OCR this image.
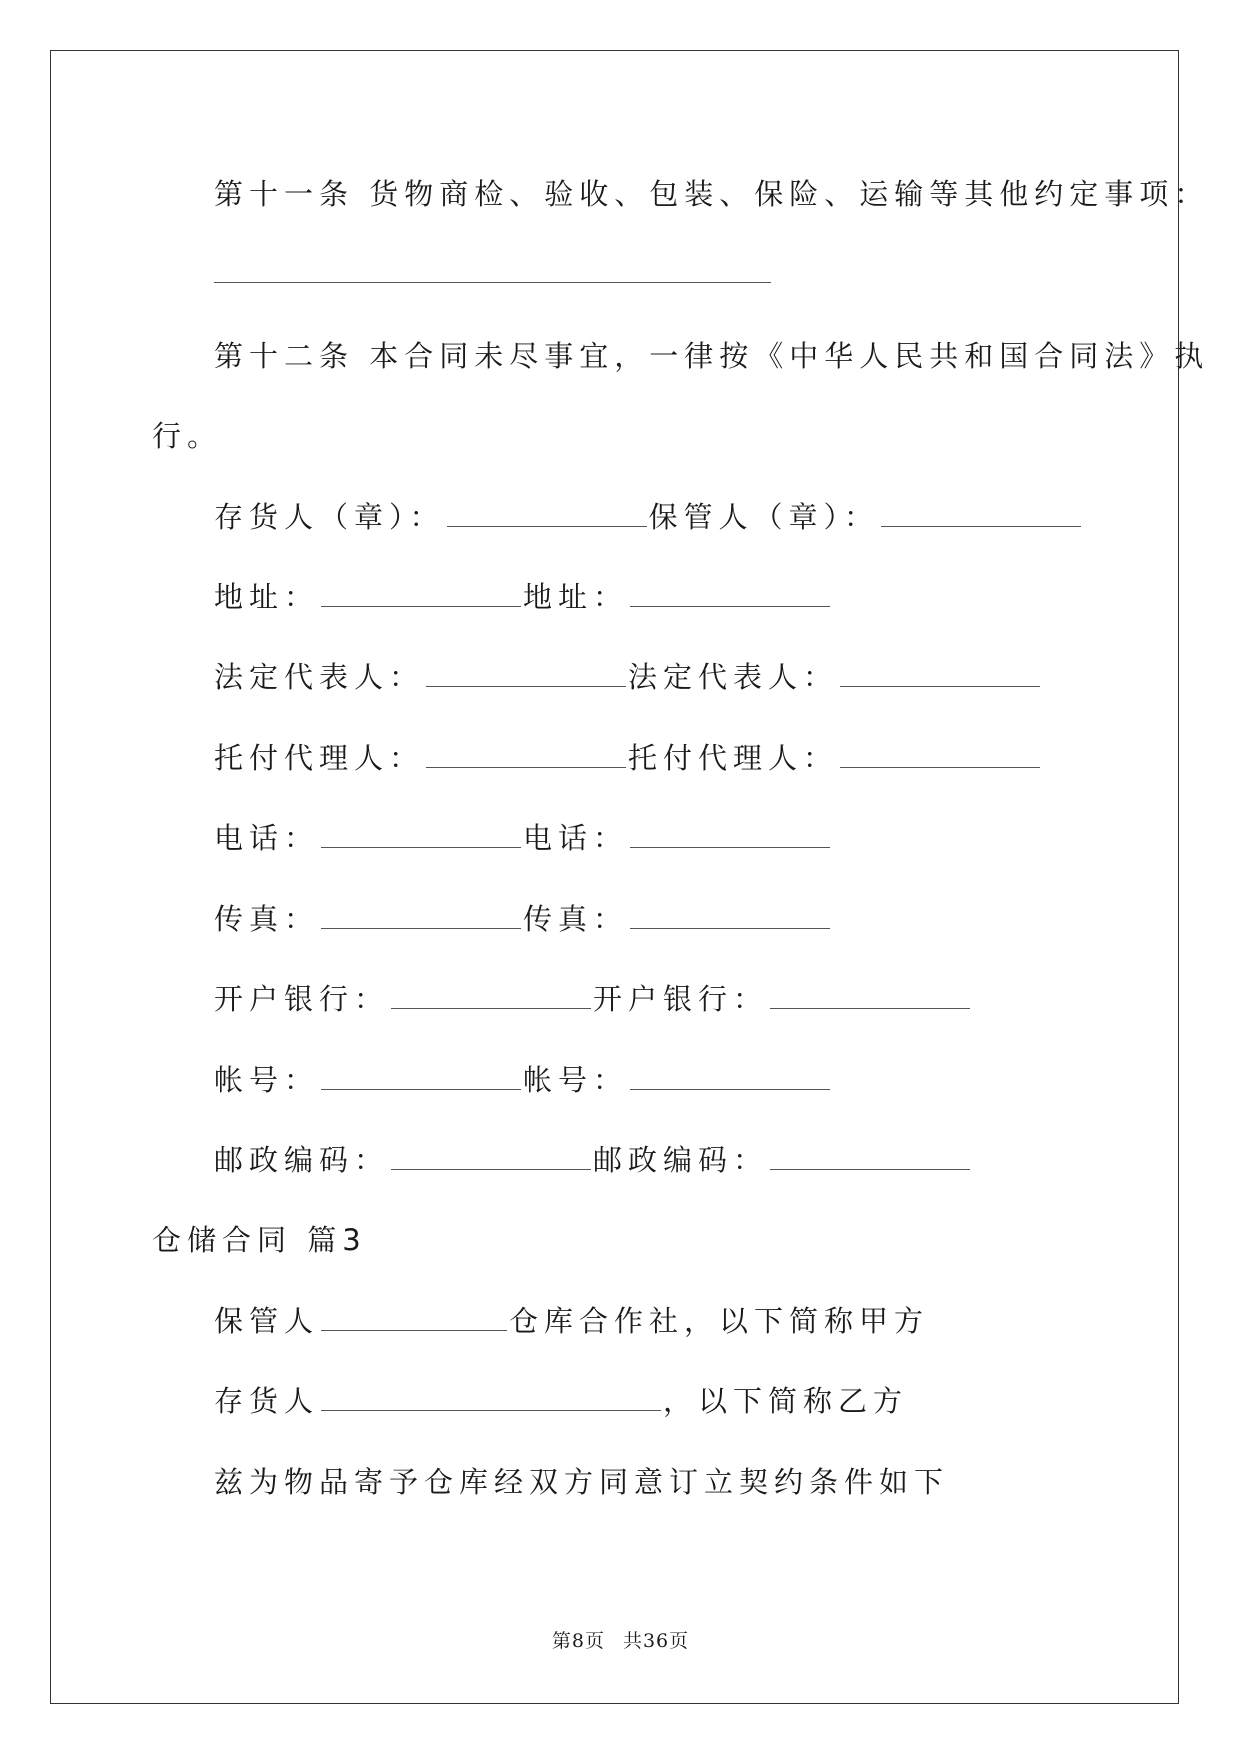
第十一条 货物商检、验收、包装、保险、运输等其他约定事项：
第十二条 本合同未尽事宜，一律按《中华人民共和国合同法》执
行。
存货人（章）：	保管人（章）：
地址：	地址：
法定代表人：	法定代表人：
托付代理人：	托付代理人：
电话：	电话：
传真：	传真：
开户银行：	开户银行：
帐号：	帐号：
邮政编码：	邮政编码：
仓储合同 篇3
保管人	仓库合作社，以下简称甲方
存货人	，以下简称乙方
兹为物品寄予仓库经双方同意订立契约条件如下
第8页 共36页
